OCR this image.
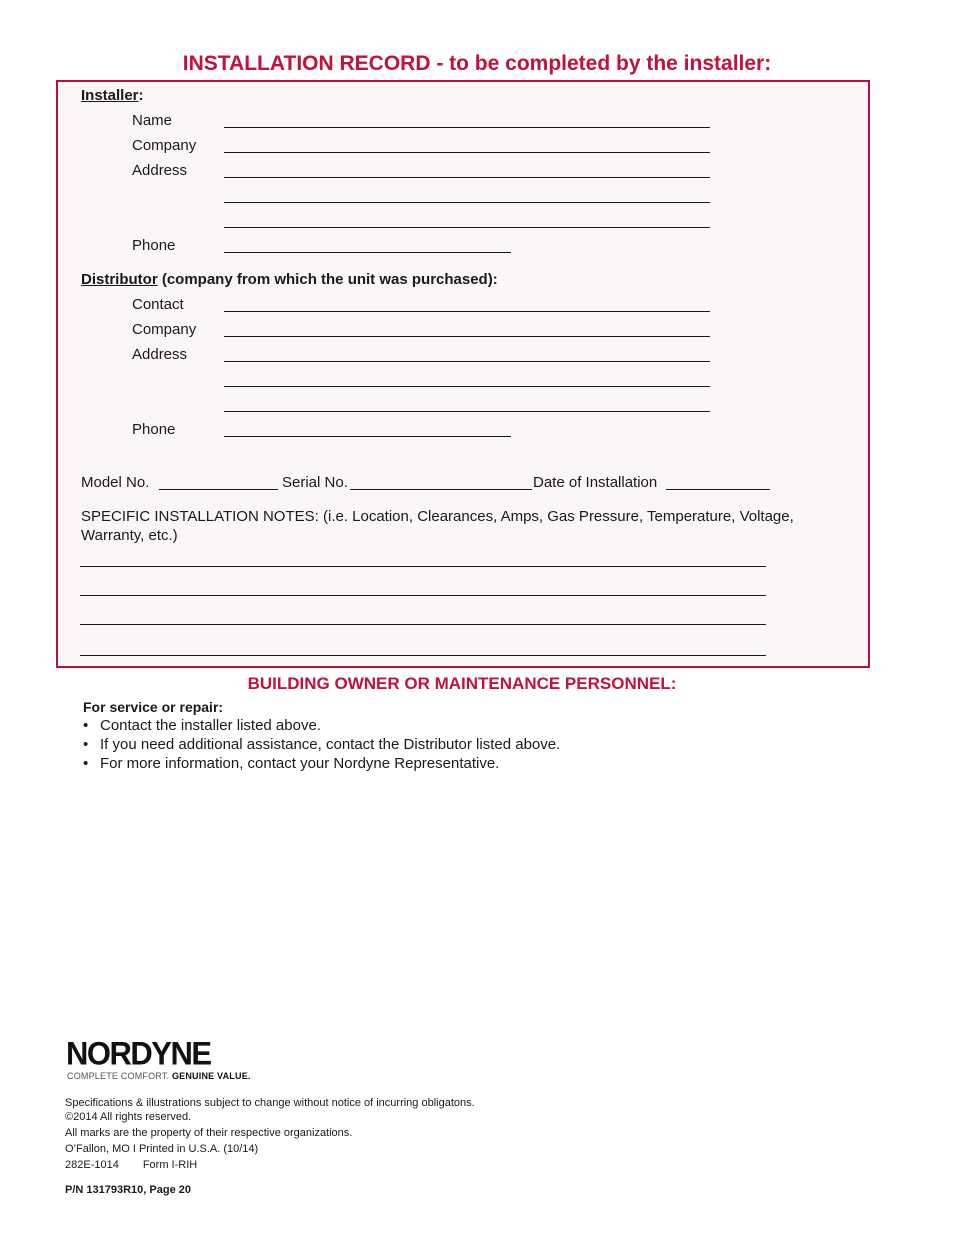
INSTALLATION RECORD - to be completed by the installer:
Installer:
Name
Company
Address
Phone
Distributor (company from which the unit was purchased):
Contact
Company
Address
Phone
Model No.	Serial No.	Date of Installation
SPECIFIC INSTALLATION NOTES: (i.e. Location, Clearances, Amps, Gas Pressure, Temperature, Voltage,
Warranty, etc.)
BUILDING OWNER OR MAINTENANCE PERSONNEL:
For service or repair:
• Contact the installer listed above.
• If you need additional assistance, contact the Distributor listed above.
• For more information, contact your Nordyne Representative.
NORDYNE
COMPLETE COMFORT. GENUINE VALUE.
Specifications & illustrations subject to change without notice of incurring obligatons.
©2014 All rights reserved.
All marks are the property of their respective organizations.
O’Fallon, MO I Printed in U.S.A. (10/14)
282E-1014 Form I-RIH
P/N 131793R10, Page 20
